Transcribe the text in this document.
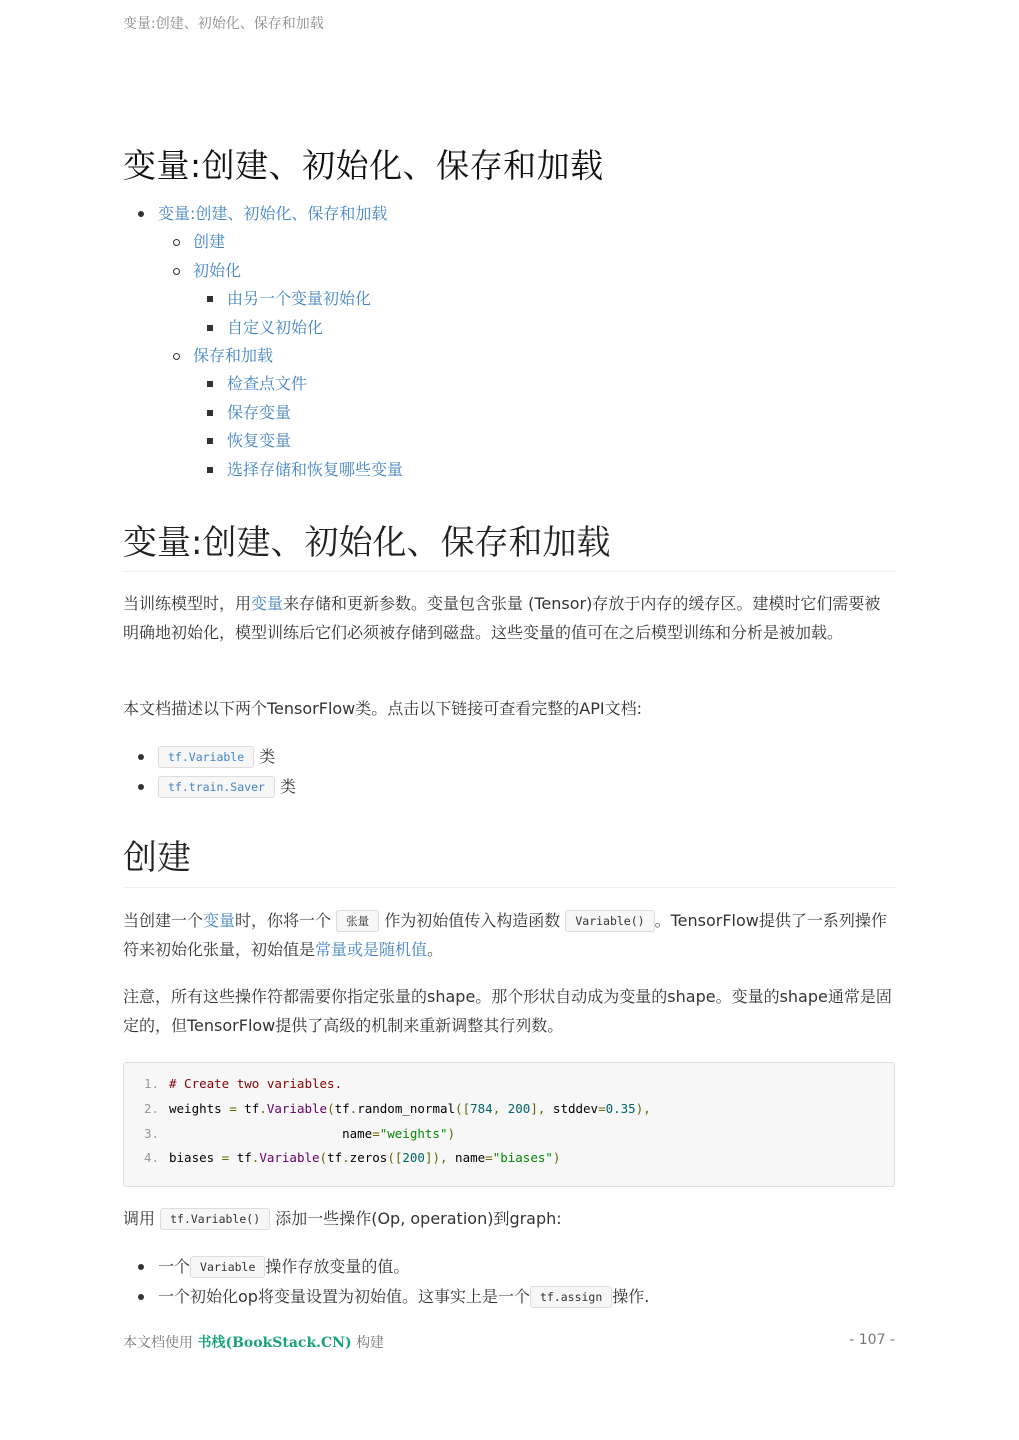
变量:创建、初始化、保存和加载
变量:创建、初始化、保存和加载
变量:创建、初始化、保存和加载
创建
初始化
由另一个变量初始化
自定义初始化
保存和加载
检查点文件
保存变量
恢复变量
选择存储和恢复哪些变量
变量:创建、初始化、保存和加载

当训练模型时，用变量来存储和更新参数。变量包含张量 (Tensor)存放于内存的缓存区。建模时它们需要被明确地初始化，模型训练后它们必须被存储到磁盘。这些变量的值可在之后模型训练和分析是被加载。

本文档描述以下两个TensorFlow类。点击以下链接可查看完整的API文档:

tf.Variable 类
tf.train.Saver 类
创建

当创建一个变量时，你将一个 张量 作为初始值传入构造函数 Variable() 。TensorFlow提供了一系列操作符来初始化张量，初始值是常量或是随机值。

注意，所有这些操作符都需要你指定张量的shape。那个形状自动成为变量的shape。变量的shape通常是固定的，但TensorFlow提供了高级的机制来重新调整其行列数。

1. # Create two variables.
2. weights = tf.Variable(tf.random_normal([784, 200], stddev=0.35),
3.	name="weights")
4. biases = tf.Variable(tf.zeros([200]), name="biases")

调用 tf.Variable() 添加一些操作(Op, operation)到graph:

一个 Variable 操作存放变量的值。
一个初始化op将变量设置为初始值。这事实上是一个 tf.assign 操作.
本文档使用 书栈(BookStack.CN) 构建	- 107 -
